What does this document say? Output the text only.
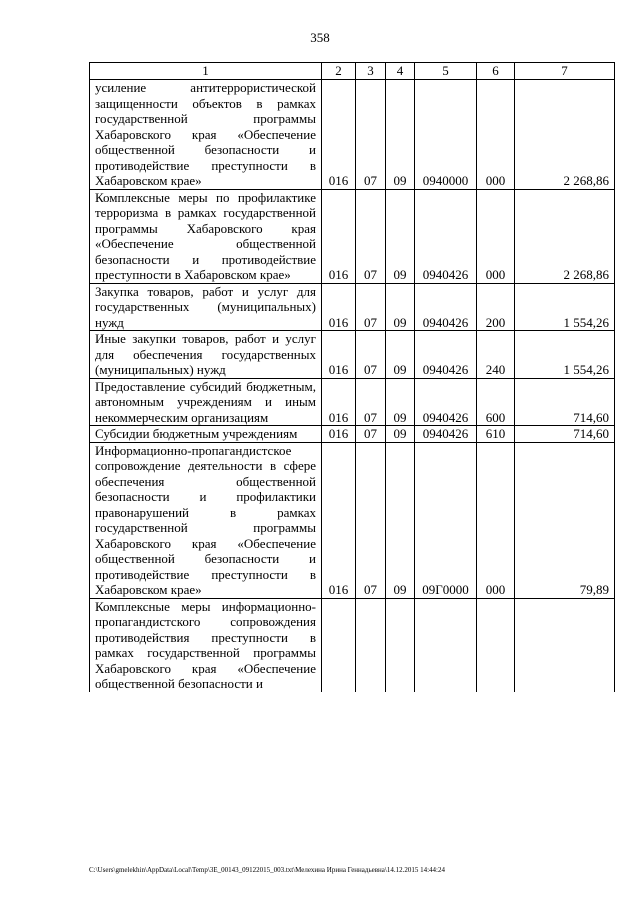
358
1	2	3	4	5	6	7
усиление антитеррористической защищенности объектов в рамках государственной программы Хабаровского края «Обеспечение общественной безопасности и противодействие преступности в Хабаровском крае»	016	07	09	0940000	000	2 268,86
Комплексные меры по профилактике терроризма в рамках государственной программы Хабаровского края «Обеспечение общественной безопасности и противодействие преступности в Хабаровском крае»	016	07	09	0940426	000	2 268,86
Закупка товаров, работ и услуг для государственных (муниципальных) нужд	016	07	09	0940426	200	1 554,26
Иные закупки товаров, работ и услуг для обеспечения государственных (муниципальных) нужд	016	07	09	0940426	240	1 554,26
Предоставление субсидий бюджетным, автономным учреждениям и иным некоммерческим организациям	016	07	09	0940426	600	714,60
Субсидии бюджетным учреждениям	016	07	09	0940426	610	714,60
Информационно-пропагандистское сопровождение деятельности в сфере обеспечения общественной безопасности и профилактики правонарушений в рамках государственной программы Хабаровского края «Обеспечение общественной безопасности и противодействие преступности в Хабаровском крае»	016	07	09	09Г0000	000	79,89
Комплексные меры информационно-пропагандистского сопровождения противодействия преступности в рамках государственной программы Хабаровского края «Обеспечение общественной безопасности и						
C:\Users\gmelekhin\AppData\Local\Temp\3E_00143_09122015_003.txt\Мелехина Ирина Геннадьевна\14.12.2015 14:44:24
